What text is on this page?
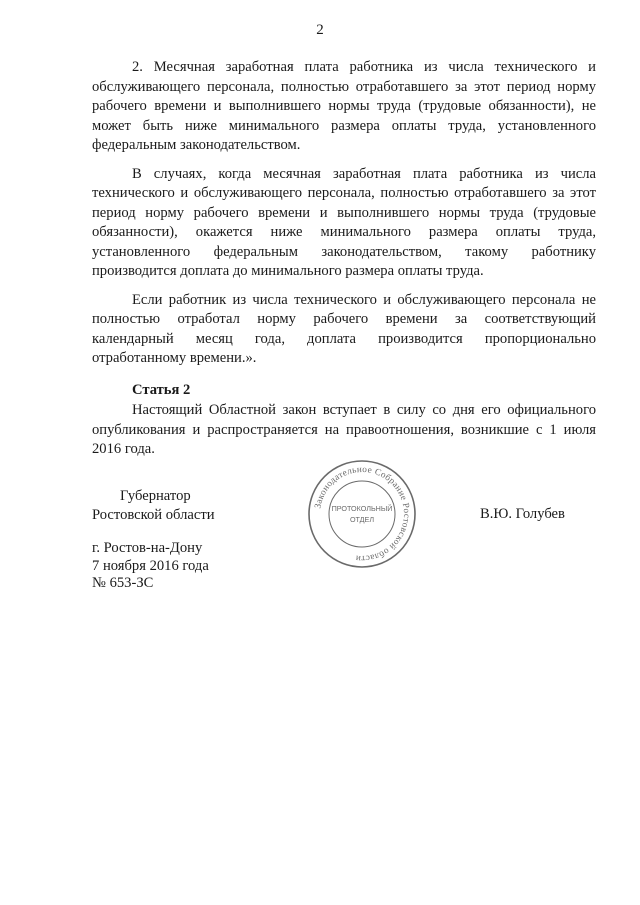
2

2. Месячная заработная плата работника из числа технического и обслуживающего персонала, полностью отработавшего за этот период норму рабочего времени и выполнившего нормы труда (трудовые обязанности), не может быть ниже минимального размера оплаты труда, установленного федеральным законодательством.

В случаях, когда месячная заработная плата работника из числа технического и обслуживающего персонала, полностью отработавшего за этот период норму рабочего времени и выполнившего нормы труда (трудовые обязанности), окажется ниже минимального размера оплаты труда, установленного федеральным законодательством, такому работнику производится доплата до минимального размера оплаты труда.

Если работник из числа технического и обслуживающего персонала не полностью отработал норму рабочего времени за соответствующий календарный месяц года, доплата производится пропорционально отработанному времени.».

Статья 2

Настоящий Областной закон вступает в силу со дня его официального опубликования и распространяется на правоотношения, возникшие с 1 июля 2016 года.

Губернатор
Ростовской области	В.Ю. Голубев
г. Ростов-на-Дону
7 ноября 2016 года
№ 653-ЗС
Законодательное Собрание Ростовской области
ПРОТОКОЛЬНЫЙ
ОТДЕЛ
